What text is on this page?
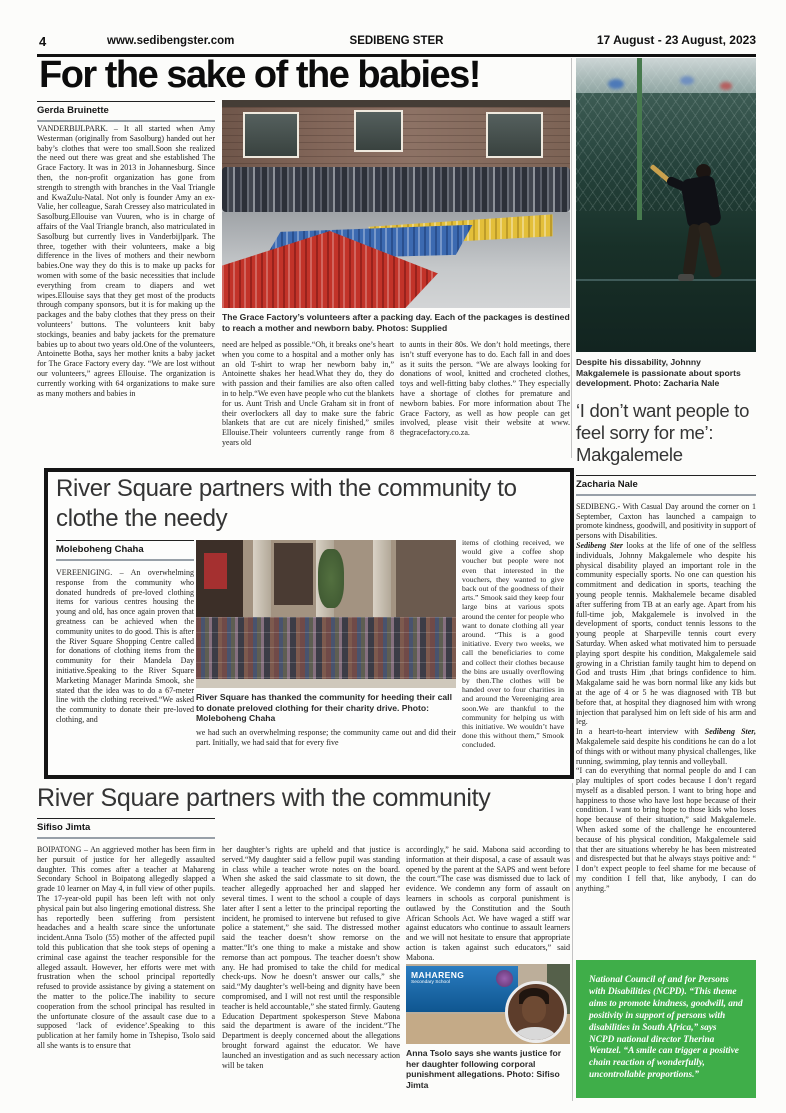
4	www.sedibengster.com	SEDIBENG STER	17 August - 23 August, 2023
For the sake of the babies!
Gerda Bruinette
VANDERBIJLPARK. – It all started when Amy Westerman (originally from Sasolburg) handed out her baby’s clothes that were too small.Soon she realized the need out there was great and she established The Grace Factory. It was in 2013 in Johannesburg. Since then, the non-profit organization has gone from strength to strength with branches in the Vaal Triangle and KwaZulu-Natal. Not only is founder Amy an ex-Valie, her colleague, Sarah Cressey also matriculated in Sasolburg.Ellouise van Vuuren, who is in charge of affairs of the Vaal Triangle branch, also matriculated in Sasolburg but currently lives in Vanderbijlpark. The three, together with their volunteers, make a big difference in the lives of mothers and their newborn babies.One way they do this is to make up packs for women with some of the basic necessities that include everything from cream to diapers and wet wipes.Ellouise says that they get most of the products through company sponsors, but it is for making up the packages and the baby clothes that they press on their volunteers’ buttons. The volunteers knit baby stockings, beanies and baby jackets for the premature babies up to about two years old.One of the volunteers, Antoinette Botha, says her mother knits a baby jacket for The Grace Factory every day. “We are lost without our volunteers,” agrees Ellouise. The organization is currently working with 64 organizations to make sure as many mothers and babies in
The Grace Factory’s volunteers after a packing day. Each of the packages is destined to reach a mother and newborn baby. Photos: Supplied
need are helped as possible.“Oh, it breaks one’s heart when you come to a hospital and a mother only has an old T-shirt to wrap her newborn baby in,” Antoinette shakes her head.What they do, they do with passion and their families are also often called in to help.“We even have people who cut the blankets for us. Aunt Trish and Uncle Graham sit in front of their overlockers all day to make sure the fabric blankets that are cut are nicely finished,” smiles Ellouise.Their volunteers currently range from 8 years old
to aunts in their 80s. We don’t hold meetings, there isn’t stuff everyone has to do. Each fall in and does as it suits the person. “We are always looking for donations of wool, knitted and crocheted clothes, toys and well-fitting baby clothes.” They especially have a shortage of clothes for premature and newborn babies. For more information about The Grace Factory, as well as how people can get involved, please visit their website at www. thegracefactory.co.za.
River Square partners with the community to clothe the needy
Moleboheng Chaha
VEREENIGING. – An overwhelming response from the community who donated hundreds of pre-loved clothing items for various centres housing the young and old, has once again proven that greatness can be achieved when the community unites to do good. This is after the River Square Shopping Centre called for donations of clothing items from the community for their Mandela Day initiative.Speaking to the River Square Marketing Manager Marinda Smook, she stated that the idea was to do a 67-meter line with the clothing received.“We asked the community to donate their pre-loved clothing, and
River Square has thanked the community for heeding their call to donate preloved clothing for their charity drive. Photo: Moleboheng Chaha
we had such an overwhelming response; the community came out and did their part. Initially, we had said that for every five
items of clothing received, we would give a coffee shop voucher but people were not even that interested in the vouchers, they wanted to give back out of the goodness of their arts.” Smook said they keep four large bins at various spots around the center for people who want to donate clothing all year around. “This is a good initiative. Every two weeks, we call the beneficiaries to come and collect their clothes because the bins are usually overflowing by then.The clothes will be handed over to four charities in and around the Vereeniging area soon.We are thankful to the community for helping us with this initiative. We wouldn’t have done this without them,” Smook concluded.
River Square partners with the community
Sifiso Jimta
BOIPATONG – An aggrieved mother has been firm in her pursuit of justice for her allegedly assaulted daughter. This comes after a teacher at Mahareng Secondary School in Boipatong allegedly slapped a grade 10 learner on May 4, in full view of other pupils. The 17-year-old pupil has been left with not only physical pain but also lingering emotional distress. She has reportedly been suffering from persistent headaches and a health scare since the unfortunate incident.Anna Tsolo (55) mother of the affected pupil told this publication that she took steps of opening a criminal case against the teacher responsible for the alleged assault. However, her efforts were met with frustration when the school principal reportedly refused to provide assistance by giving a statement on the matter to the police.The inability to secure cooperation from the school principal has resulted in the unfortunate closure of the assault case due to a supposed ‘lack of evidence’.Speaking to this publication at her family home in Tshepiso, Tsolo said all she wants is to ensure that
her daughter’s rights are upheld and that justice is served.“My daughter said a fellow pupil was standing in class while a teacher wrote notes on the board. When she asked the said classmate to sit down, the teacher allegedly approached her and slapped her several times. I went to the school a couple of days later after I sent a letter to the principal reporting the incident, he promised to intervene but refused to give police a statement,” she said. The distressed mother said the teacher doesn’t show remorse on the matter.“It’s one thing to make a mistake and show remorse than act pompous. The teacher doesn’t show any. He had promised to take the child for medical check-ups. Now he doesn’t answer our calls,” she said.“My daughter’s well-being and dignity have been compromised, and I will not rest until the responsible teacher is held accountable,” she stated firmly. Gauteng Education Department spokesperson Steve Mabona said the department is aware of the incident.“The Department is deeply concerned about the allegations brought forward against the educator. We have launched an investigation and as such necessary action will be taken
accordingly,” he said. Mabona said according to information at their disposal, a case of assault was opened by the parent at the SAPS and went before the court.“The case was dismissed due to lack of evidence. We condemn any form of assault on learners in schools as corporal punishment is outlawed by the Constitution and the South African Schools Act. We have waged a stiff war against educators who continue to assault learners and we will not hesitate to ensure that appropriate action is taken against such educators,” said Mabona.
MAHARENG
Secondary School
Anna Tsolo says she wants justice for her daughter following corporal punishment allegations. Photo: Sifiso Jimta
Despite his dissability, Johnny Makgalemele is passionate about sports development. Photo: Zacharia Nale
‘I don’t want people to feel sorry for me’: Makgalemele
Zacharia Nale

SEDIBENG.- With Casual Day around the corner on 1 September, Caxton has launched a campaign to promote kindness, goodwill, and positivity in support of persons with Disabilities.

Sedibeng Ster looks at the life of one of the selfless individuals, Johnny Makgalemele who despite his physical disability played an important role in the community especially sports. No one can question his commitment and dedication in sports, teaching the young people tennis. Makhalemele became disabled after suffering from TB at an early age. Apart from his full-time job, Makgalemele is involved in the development of sports, conduct tennis lessons to the young people at Sharpeville tennis court every Saturday. When asked what motivated him to persuade playing sport despite his condition, Makgalemele said growing in a Christian family taught him to depend on God and trusts Him ,that brings confidence to him. Makgalame said he was born normal like any kids but at the age of 4 or 5 he was diagnosed with TB but before that, at hospital they diagnosed him with wrong injection that paralysed him on left side of his arm and leg.

In a heart-to-heart interview with Sedibeng Ster, Makgalemele said despite his conditions he can do a lot of things with or without many physical challenges, like running, swimming, play tennis and volleyball.

“I can do everything that normal people do and I can play multiples of sport codes because I don’t regard myself as a disabled person. I want to bring hope and happiness to those who have lost hope because of their condition. I want to bring hope to those kids who loses hope because of their situation,” said Makgalemele. When asked some of the challenge he encountered because of his physical condition, Makgalemele said that ther are situations whereby he has been mistreated and disrespected but that he always stays poitive and: “ I don’t expect people to feel shame for me because of my condition I fell that, like anybody, I can do anything.”

National Council of and for Persons with Disabilities (NCPD). “This theme aims to promote kindness, goodwill, and positivity in support of persons with disabilities in South Africa,” says NCPD national director Therina Wentzel. “A smile can trigger a positive chain reaction of wonderfully, uncontrollable proportions.”
